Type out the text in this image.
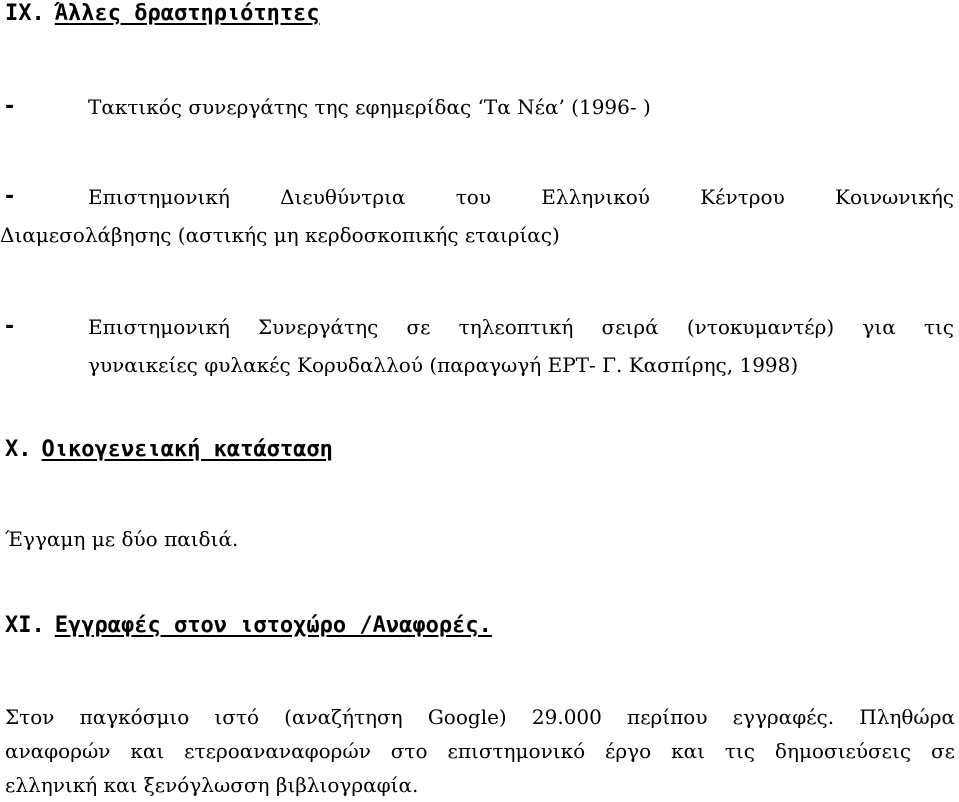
IX. Άλλες δραστηριότητες
-	Τακτικός συνεργάτης της εφημερίδας ‘Τα Νέα’ (1996- )
-	Επιστημονική Διευθύντρια του Ελληνικού Κέντρου Κοινωνικής
Διαμεσολάβησης (αστικής μη κερδοσκοπικής εταιρίας)
-	Επιστημονική Συνεργάτης σε τηλεοπτική σειρά (ντοκυμαντέρ) για τις
γυναικείες φυλακές Κορυδαλλού (παραγωγή ΕΡΤ- Γ. Κασπίρης, 1998)
X. Οικογενειακή κατάσταση
Έγγαμη με δύο παιδιά.
XI. Εγγραφές στον ιστοχώρο /Αναφορές.
Στον παγκόσμιο ιστό (αναζήτηση Google) 29.000 περίπου εγγραφές. Πληθώρα
αναφορών και ετεροαναναφορών στο επιστημονικό έργο και τις δημοσιεύσεις σε
ελληνική και ξενόγλωσση βιβλιογραφία.
